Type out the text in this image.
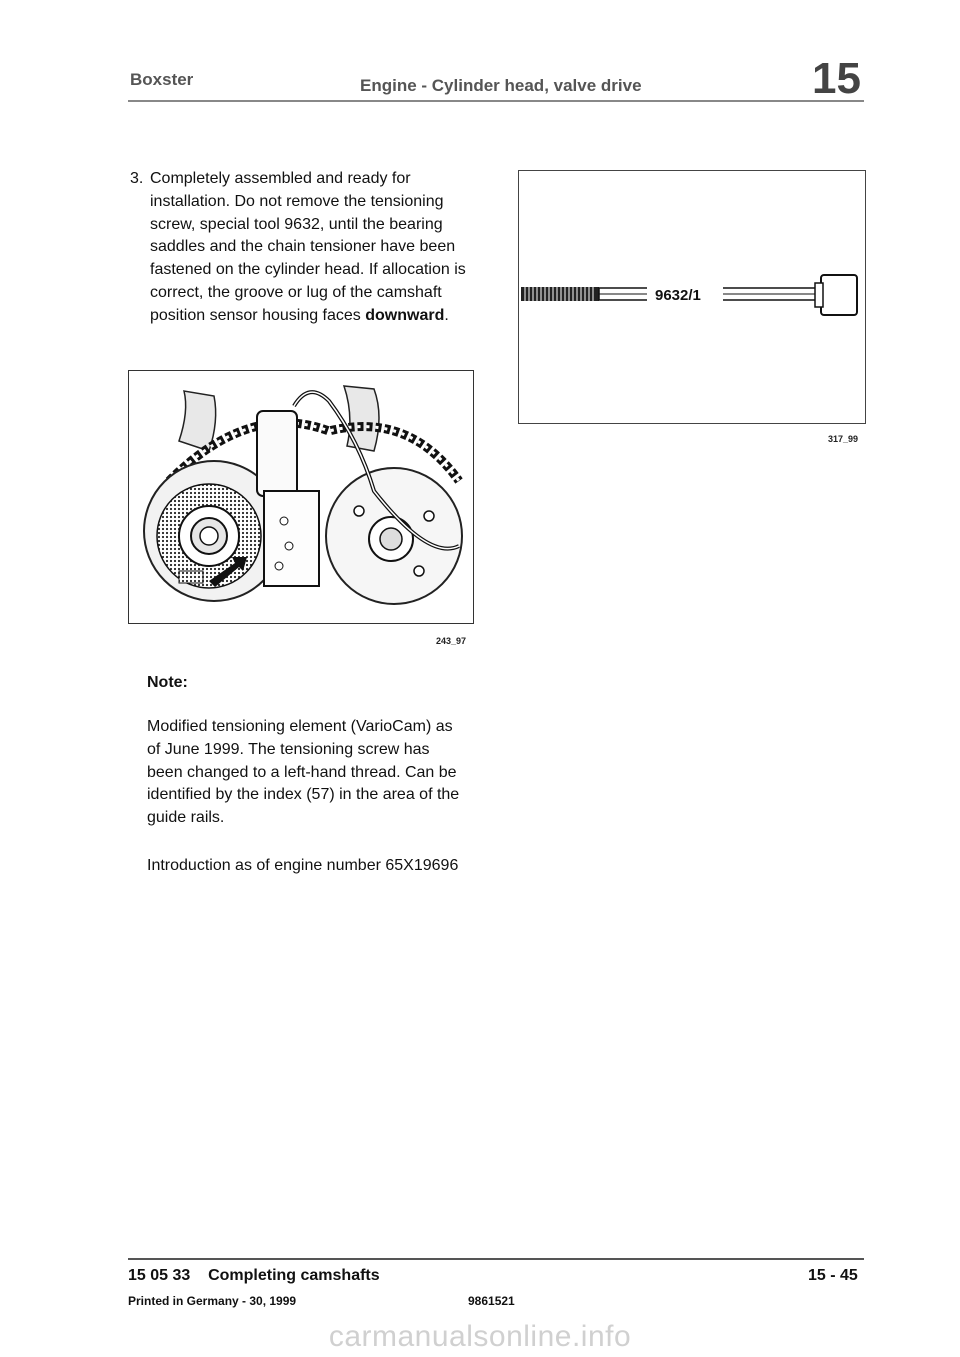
Boxster	Engine - Cylinder head, valve drive	15
3. Completely assembled and ready for installation. Do not remove the tensioning screw, special tool 9632, until the bearing saddles and the chain tensioner have been fastened on the cylinder head. If allocation is correct, the groove or lug of the camshaft position sensor housing faces downward.
243_97
9632/1
317_99
Note:
Modified tensioning element (VarioCam) as of June 1999. The tensioning screw has been changed to a left-hand thread. Can be identified by the index (57) in the area of the guide rails.
Introduction as of engine number 65X19696
15 05 33 Completing camshafts	15 - 45
Printed in Germany - 30, 1999	9861521
carmanualsonline.info
